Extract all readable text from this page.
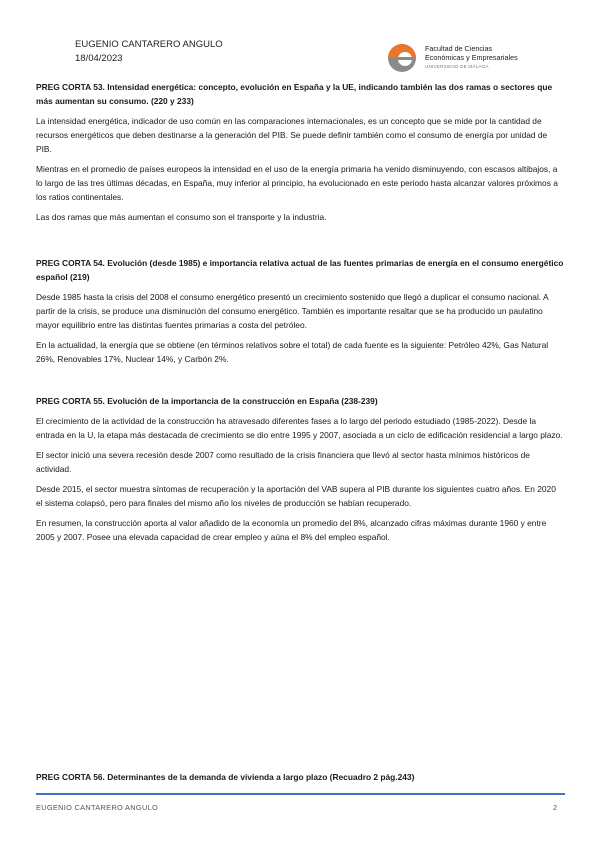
EUGENIO CANTARERO ANGULO
18/04/2023
Facultad de Ciencias
Económicas y Empresariales
UNIVERSIDAD DE MÁLAGA
PREG CORTA 53. Intensidad energética: concepto, evolución en España y la UE, indicando también las dos ramas o sectores que más aumentan su consumo. (220 y 233)

La intensidad energética, indicador de uso común en las comparaciones internacionales, es un concepto que se mide por la cantidad de recursos energéticos que deben destinarse a la generación del PIB. Se puede definir también como el consumo de energía por unidad de PIB.

Mientras en el promedio de países europeos la intensidad en el uso de la energía primaria ha venido disminuyendo, con escasos altibajos, a lo largo de las tres últimas décadas, en España, muy inferior al principio, ha evolucionado en este periodo hasta alcanzar valores próximos a los ratios continentales.

Las dos ramas que más aumentan el consumo son el transporte y la industria.

PREG CORTA 54. Evolución (desde 1985) e importancia relativa actual de las fuentes primarias de energía en el consumo energético español (219)

Desde 1985 hasta la crisis del 2008 el consumo energético presentó un crecimiento sostenido que llegó a duplicar el consumo nacional. A partir de la crisis, se produce una disminución del consumo energético. También es importante resaltar que se ha producido un paulatino mayor equilibrio entre las distintas fuentes primarias a costa del petróleo.

En la actualidad, la energía que se obtiene (en términos relativos sobre el total) de cada fuente es la siguiente: Petróleo 42%, Gas Natural 26%, Renovables 17%, Nuclear 14%, y Carbón 2%.

PREG CORTA 55. Evolución de la importancia de la construcción en España (238-239)

El crecimiento de la actividad de la construcción ha atravesado diferentes fases a lo largo del periodo estudiado (1985-2022). Desde la entrada en la U, la etapa más destacada de crecimiento se dio entre 1995 y 2007, asociada a un ciclo de edificación residencial a largo plazo.

El sector inició una severa recesión desde 2007 como resultado de la crisis financiera que llevó al sector hasta mínimos históricos de actividad.

Desde 2015, el sector muestra síntomas de recuperación y la aportación del VAB supera al PIB durante los siguientes cuatro años. En 2020 el sistema colapsó, pero para finales del mismo año los niveles de producción se habían recuperado.

En resumen, la construcción aporta al valor añadido de la economía un promedio del 8%, alcanzado cifras máximas durante 1960 y entre 2005 y 2007. Posee una elevada capacidad de crear empleo y aúna el 8% del empleo español.

PREG CORTA 56. Determinantes de la demanda de vivienda a largo plazo (Recuadro 2 pág.243)
EUGENIO CANTARERO ANGULO	2
